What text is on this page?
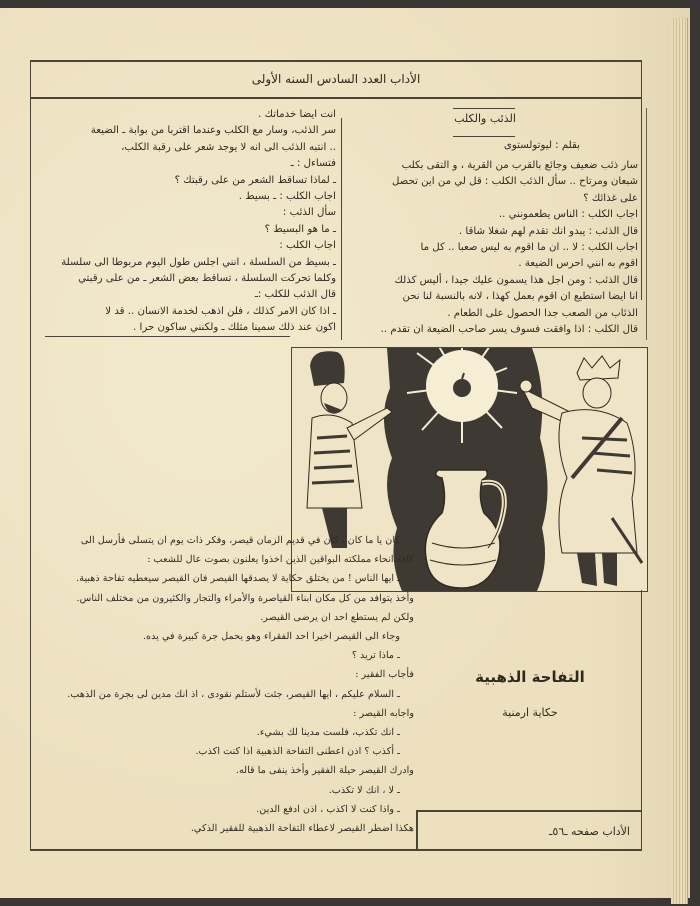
الأداب العدد السادس السنه الأولى
الذئب والكلب
بقلم : ليوتولستوى
سار ذئب ضعيف وجائع بالقرب من القرية ، و التقى بكلب
شبعان ومرتاح .. سأل الذئب الكلب : قل لي من اين تحصل
على غذائك ؟
اجاب الكلب : الناس يطعمونني ..
قال الذئب : يبدو انك تقدم لهم شغلا شاقا .
اجاب الكلب : لا .. ان ما اقوم به ليس صعبا .. كل ما
اقوم به انني احرس الضيعة .
قال الذئب : ومن اجل هذا يسمون عليك جيدا ، أليس كذلك
انا ايضا استطيع ان اقوم بعمل كهذا ، لانه بالنسبة لنا نحن
الذئاب من الصعب جدا الحصول على الطعام .
قال الكلب : اذا وافقت فسوف يسر صاحب الضيعة ان تقدم ..
انت ايضا خدماتك .
سر الذئب، وسار مع الكلب وعندما اقتربا من بوابة ـ الضيعة
.. انتبه الذئب الى انه لا يوجد شعر على رقبة الكلب،
فتساءل : ـ
ـ لماذا تساقط الشعر من على رقبتك ؟
اجاب الكلب : ـ بسيط .
سأل الذئب :
ـ ما هو البسيط ؟
اجاب الكلب :
ـ بسيط من السلسلة ، انني اجلس طول اليوم مربوطا الى سلسلة
وكلما تحركت السلسلة ، تساقط بعض الشعر ـ من على رقبتي
قال الذئب للكلب :ـ
ـ اذا كان الامر كذلك ، فلن اذهب لخدمة الانسان .. قد لا
اكون عند ذلك سمينا مثلك ـ ولكنني ساكون حرا .
كان يا ما كان ، كان في قديم الزمان قيصر، وفكر ذات يوم ان يتسلى فأرسل الى
كافة انحاء مملكته البواقين الذين اخذوا يعلنون بصوت عال للشعب :
ـ ايها الناس ! من يختلق حكاية لا يصدقها القيصر فان القيصر سيعطيه تفاحة ذهبية.
وأخذ يتوافد من كل مكان ابناء القياصرة والأمراء والتجار والكثيرون من مختلف الناس.
ولكن لم يستطع احد ان يرضى القيصر.
وجاء الى القيصر اخيرا احد الفقراء وهو يحمل جرة كبيرة في يده.
ـ ماذا تريد ؟
فأجاب الفقير :
ـ السلام عليكم ، ايها القيصر، جئت لأستلم نقودى ، اذ انك مدين لى بجرة من الذهب.
واجابه القيصر :
ـ انك تكذب، فلست مدينا لك بشيء.
ـ أكذب ؟ اذن اعطنى التفاحة الذهبية اذا كنت اكذب.
وادرك القيصر حيلة الفقير وأخذ ينفى ما قاله.
ـ لا ، انك لا تكذب.
ـ واذا كنت لا اكذب ، اذن ادفع الدين.
هكذا اضطر القيصر لاعطاء التفاحة الذهبية للفقير الذكي.
التفاحة الذهبية
حكاية ارمنية
الأداب صفحه ـ٥٦ـ
